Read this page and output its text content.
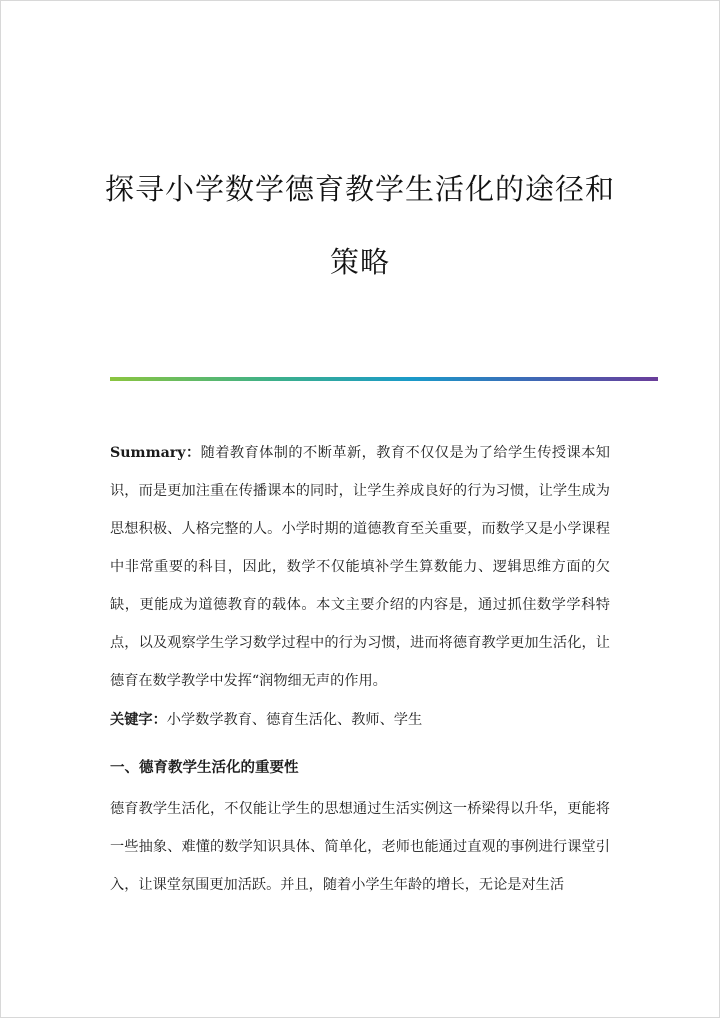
探寻小学数学德育教学生活化的途径和
策略

Summary：随着教育体制的不断革新，教育不仅仅是为了给学生传授课本知识，而是更加注重在传播课本的同时，让学生养成良好的行为习惯，让学生成为思想积极、人格完整的人。小学时期的道德教育至关重要，而数学又是小学课程中非常重要的科目，因此，数学不仅能填补学生算数能力、逻辑思维方面的欠缺，更能成为道德教育的载体。本文主要介绍的内容是，通过抓住数学学科特点，以及观察学生学习数学过程中的行为习惯，进而将德育教学更加生活化，让德育在数学教学中发挥“润物细无声的作用。

关键字：小学数学教育、德育生活化、教师、学生

一、德育教学生活化的重要性

德育教学生活化，不仅能让学生的思想通过生活实例这一桥梁得以升华，更能将一些抽象、难懂的数学知识具体、简单化，老师也能通过直观的事例进行课堂引入，让课堂氛围更加活跃。并且，随着小学生年龄的增长，无论是对生活
